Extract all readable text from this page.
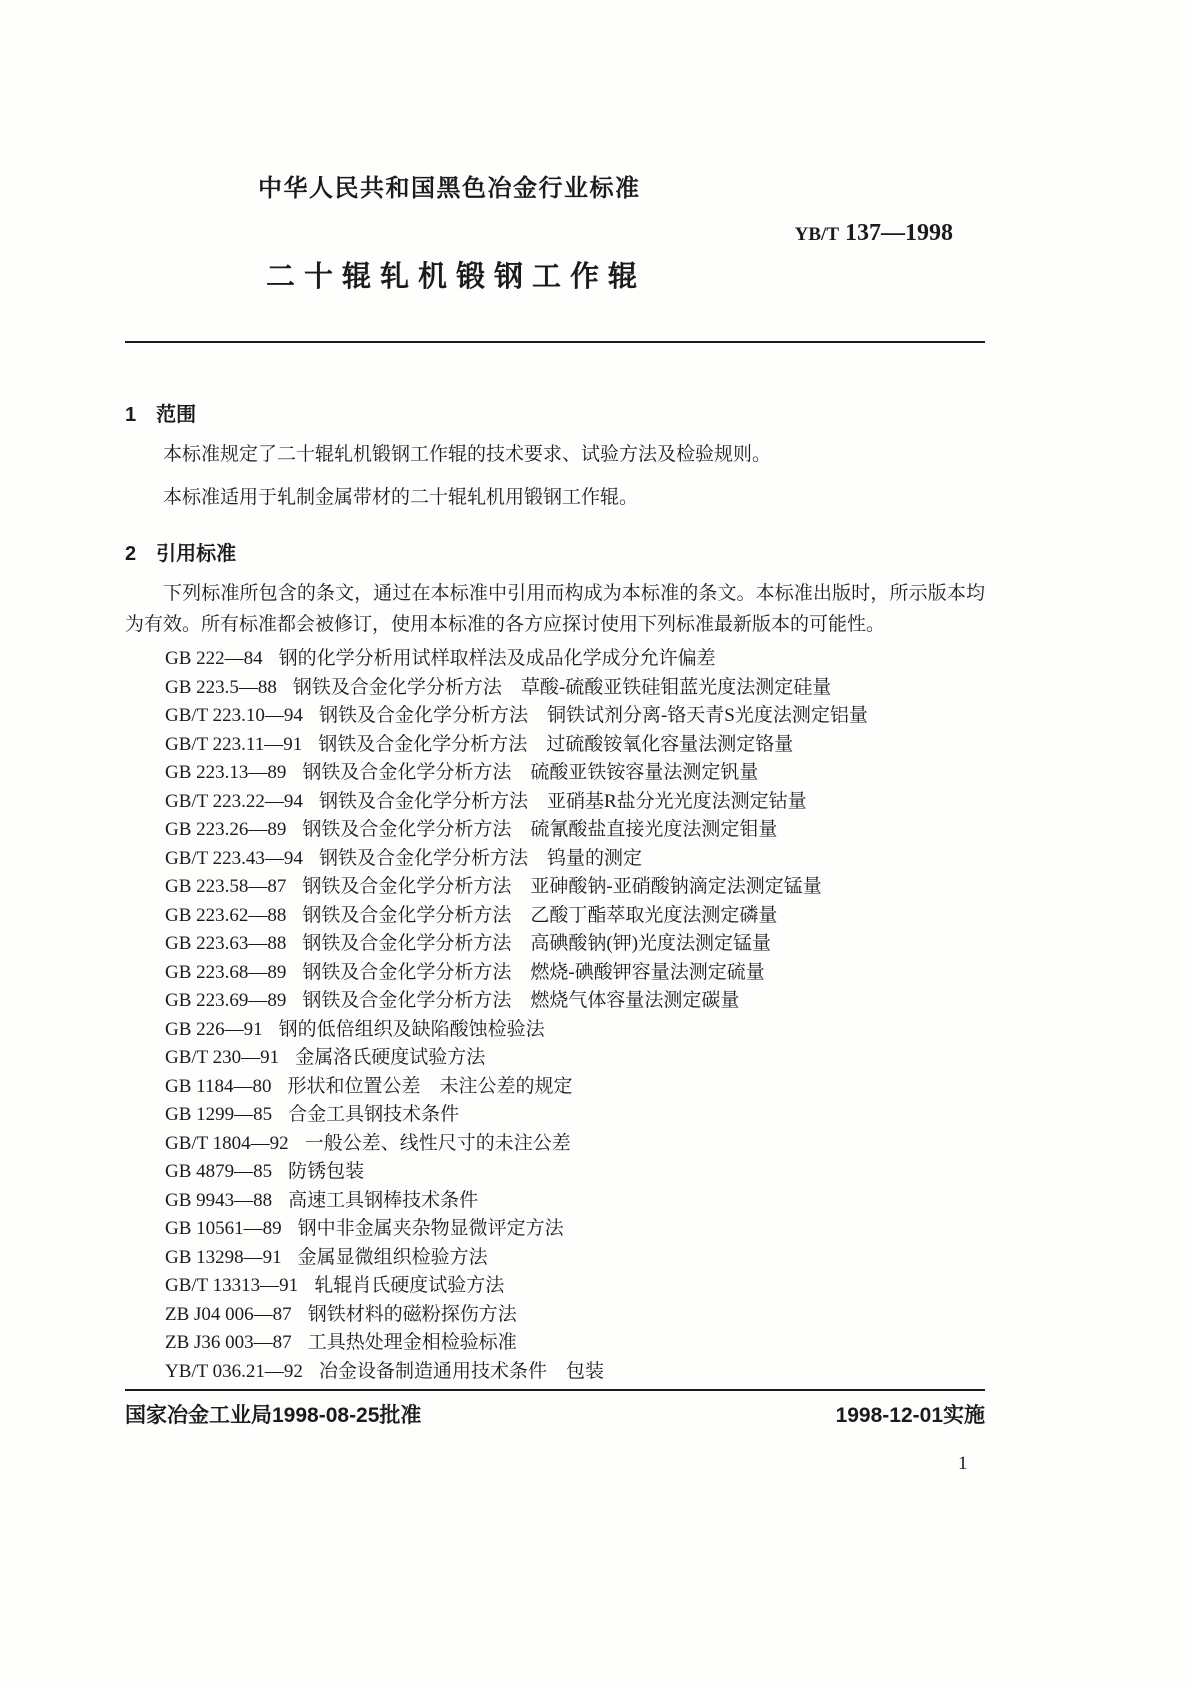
中华人民共和国黑色冶金行业标准
YB/T 137—1998
二十辊轧机锻钢工作辊
1　范围

本标准规定了二十辊轧机锻钢工作辊的技术要求、试验方法及检验规则。

本标准适用于轧制金属带材的二十辊轧机用锻钢工作辊。

2　引用标准

下列标准所包含的条文，通过在本标准中引用而构成为本标准的条文。本标准出版时，所示版本均为有效。所有标准都会被修订，使用本标准的各方应探讨使用下列标准最新版本的可能性。

GB 222—84 钢的化学分析用试样取样法及成品化学成分允许偏差
GB 223.5—88 钢铁及合金化学分析方法　草酸-硫酸亚铁硅钼蓝光度法测定硅量
GB/T 223.10—94 钢铁及合金化学分析方法　铜铁试剂分离-铬天青S光度法测定铝量
GB/T 223.11—91 钢铁及合金化学分析方法　过硫酸铵氧化容量法测定铬量
GB 223.13—89 钢铁及合金化学分析方法　硫酸亚铁铵容量法测定钒量
GB/T 223.22—94 钢铁及合金化学分析方法　亚硝基R盐分光光度法测定钴量
GB 223.26—89 钢铁及合金化学分析方法　硫氰酸盐直接光度法测定钼量
GB/T 223.43—94 钢铁及合金化学分析方法　钨量的测定
GB 223.58—87 钢铁及合金化学分析方法　亚砷酸钠-亚硝酸钠滴定法测定锰量
GB 223.62—88 钢铁及合金化学分析方法　乙酸丁酯萃取光度法测定磷量
GB 223.63—88 钢铁及合金化学分析方法　高碘酸钠(钾)光度法测定锰量
GB 223.68—89 钢铁及合金化学分析方法　燃烧-碘酸钾容量法测定硫量
GB 223.69—89 钢铁及合金化学分析方法　燃烧气体容量法测定碳量
GB 226—91 钢的低倍组织及缺陷酸蚀检验法
GB/T 230—91 金属洛氏硬度试验方法
GB 1184—80 形状和位置公差　未注公差的规定
GB 1299—85 合金工具钢技术条件
GB/T 1804—92 一般公差、线性尺寸的未注公差
GB 4879—85 防锈包装
GB 9943—88 高速工具钢棒技术条件
GB 10561—89 钢中非金属夹杂物显微评定方法
GB 13298—91 金属显微组织检验方法
GB/T 13313—91 轧辊肖氏硬度试验方法
ZB J04 006—87 钢铁材料的磁粉探伤方法
ZB J36 003—87 工具热处理金相检验标准
YB/T 036.21—92 冶金设备制造通用技术条件　包装
国家冶金工业局1998-08-25批准	1998-12-01实施
1
